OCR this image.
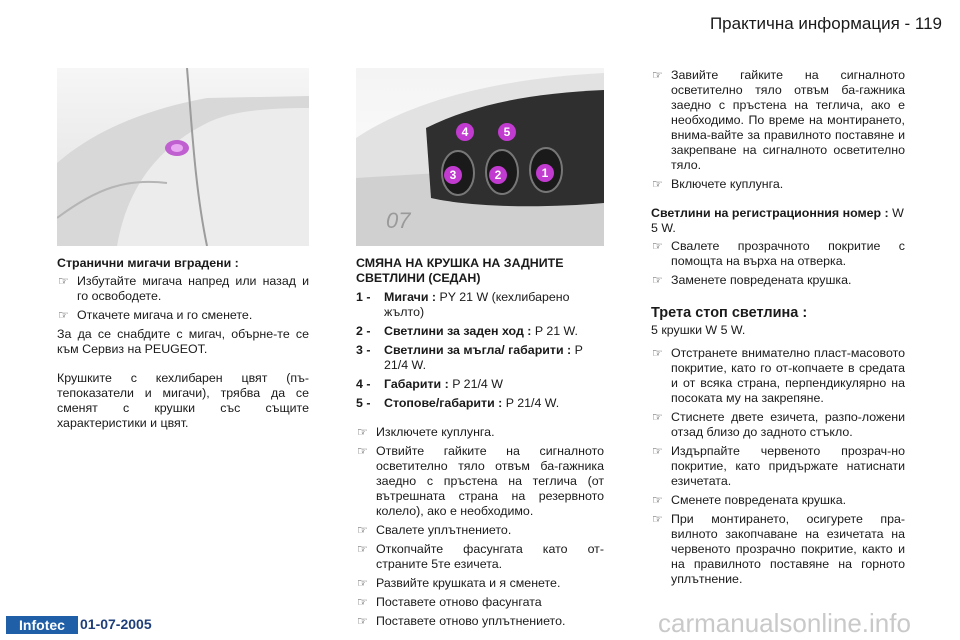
Практична информация - 119
07
4	5
3	2	1
Странични мигачи вградени :
☞ Избутайте мигача напред или назад и го освободете.
☞ Откачете мигача и го сменете.

За да се снабдите с мигач, обърне-те се към Сервиз на PEUGEOT.

Крушките с кехлибарен цвят (пъ-тепоказатели и мигачи), трябва да се сменят с крушки със същите характеристики и цвят.

СМЯНА НА КРУШКА НА ЗАДНИТЕ СВЕТЛИНИ (СЕДАН)
1 -	Мигачи : PY 21 W (кехлибарено жълто)
2 -	Светлини за заден ход : P 21 W.
3 -	Светлини за мъгла/ габарити : P 21/4 W.
4 -	Габарити : P 21/4 W
5 -	Стопове/габарити : P 21/4 W.
☞ Изключете куплунга.
☞ Отвийте гайките на сигналното осветително тяло отвъм ба-гажника заедно с пръстена на теглича (от вътрешната страна на резервното колело), ако е необходимо.
☞ Свалете уплътнението.
☞ Откопчайте фасунгата като от-страните 5те езичета.
☞ Развийте крушката и я сменете.
☞ Поставете отново фасунгата
☞ Поставете отново уплътнението.
☞ Завийте гайките на сигналното осветително тяло отвъм ба-гажника заедно с пръстена на теглича, ако е необходимо. По време на монтирането, внима-вайте за правилното поставяне и закрепване на сигналното осветително тяло.
☞ Включете куплунга.
Светлини на регистрационния номер : W 5 W.
☞ Свалете прозрачното покритие с помощта на върха на отверка.
☞ Заменете повредената крушка.
Трета стоп светлина :
5 крушки W 5 W.
☞ Отстранете внимателно пласт-масовото покритие, като го от-копчаете в средата и от всяка страна, перпендикулярно на посоката му на закрепяне.
☞ Стиснете двете езичета, разпо-ложени отзад близо до задното стъкло.
☞ Издърпайте червеното прозрач-но покритие, като придържате натиснати езичетата.
☞ Сменете повредената крушка.
☞ При монтирането, осигурете пра-вилното закопчаване на езичетата на червеното прозрачно покритие, както и на правилното поставяне на горното уплътнение.
Infotec	01-07-2005	carmanualsonline.info
